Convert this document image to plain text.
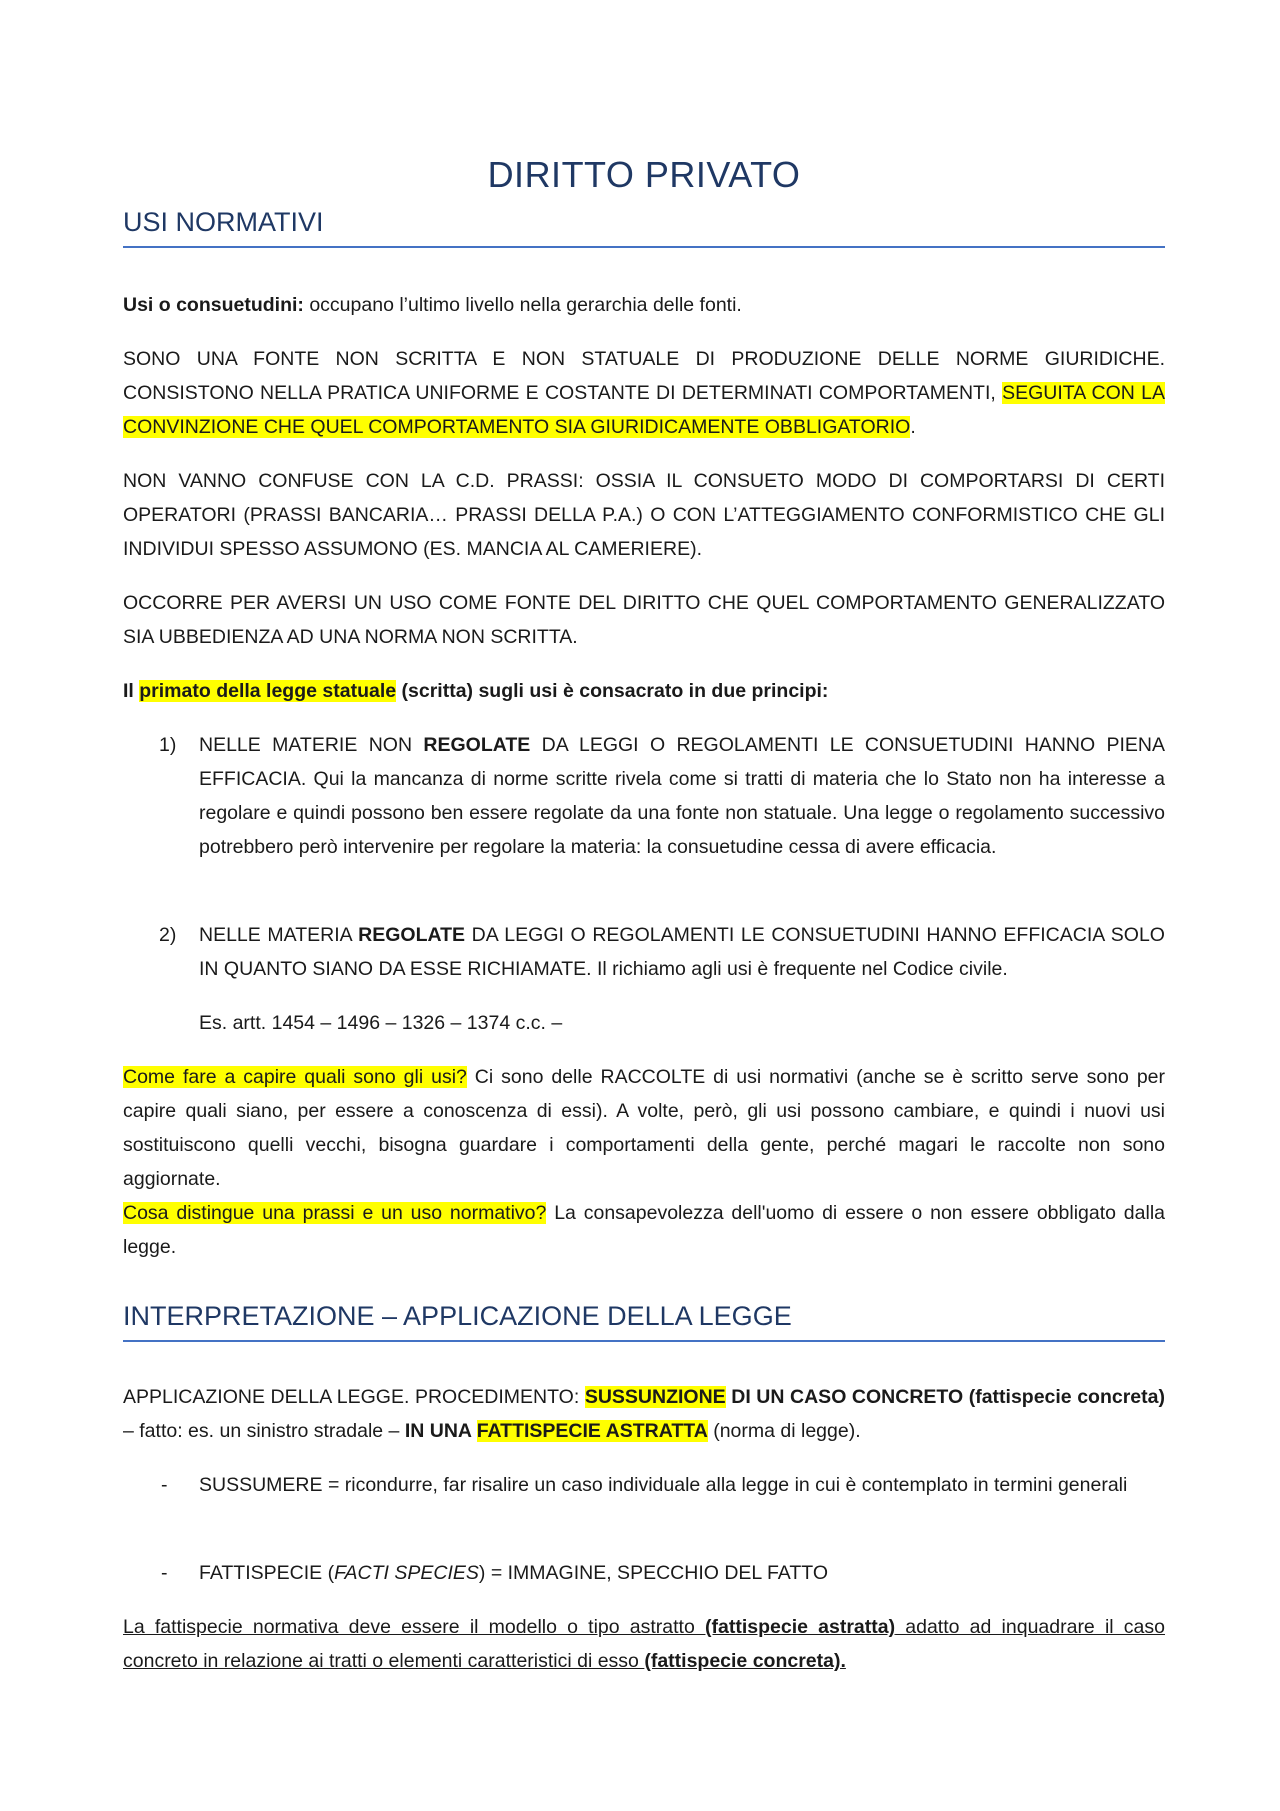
DIRITTO PRIVATO
USI NORMATIVI
Usi o consuetudini: occupano l’ultimo livello nella gerarchia delle fonti.
SONO UNA FONTE NON SCRITTA E NON STATUALE DI PRODUZIONE DELLE NORME GIURIDICHE. CONSISTONO NELLA PRATICA UNIFORME E COSTANTE DI DETERMINATI COMPORTAMENTI, SEGUITA CON LA CONVINZIONE CHE QUEL COMPORTAMENTO SIA GIURIDICAMENTE OBBLIGATORIO.
NON VANNO CONFUSE CON LA C.D. PRASSI: OSSIA IL CONSUETO MODO DI COMPORTARSI DI CERTI OPERATORI (PRASSI BANCARIA… PRASSI DELLA P.A.) O CON L’ATTEGGIAMENTO CONFORMISTICO CHE GLI INDIVIDUI SPESSO ASSUMONO (ES. MANCIA AL CAMERIERE).
OCCORRE PER AVERSI UN USO COME FONTE DEL DIRITTO CHE QUEL COMPORTAMENTO GENERALIZZATO SIA UBBEDIENZA AD UNA NORMA NON SCRITTA.
Il primato della legge statuale (scritta) sugli usi è consacrato in due principi:
1) NELLE MATERIE NON REGOLATE DA LEGGI O REGOLAMENTI LE CONSUETUDINI HANNO PIENA EFFICACIA. Qui la mancanza di norme scritte rivela come si tratti di materia che lo Stato non ha interesse a regolare e quindi possono ben essere regolate da una fonte non statuale. Una legge o regolamento successivo potrebbero però intervenire per regolare la materia: la consuetudine cessa di avere efficacia.
2) NELLE MATERIA REGOLATE DA LEGGI O REGOLAMENTI LE CONSUETUDINI HANNO EFFICACIA SOLO IN QUANTO SIANO DA ESSE RICHIAMATE. Il richiamo agli usi è frequente nel Codice civile.
Es. artt. 1454 – 1496 – 1326 – 1374 c.c. –
Come fare a capire quali sono gli usi? Ci sono delle RACCOLTE di usi normativi (anche se è scritto serve sono per capire quali siano, per essere a conoscenza di essi). A volte, però, gli usi possono cambiare, e quindi i nuovi usi sostituiscono quelli vecchi, bisogna guardare i comportamenti della gente, perché magari le raccolte non sono aggiornate.
Cosa distingue una prassi e un uso normativo? La consapevolezza dell'uomo di essere o non essere obbligato dalla legge.
INTERPRETAZIONE – APPLICAZIONE DELLA LEGGE
APPLICAZIONE DELLA LEGGE. PROCEDIMENTO: SUSSUNZIONE DI UN CASO CONCRETO (fattispecie concreta) – fatto: es. un sinistro stradale – IN UNA FATTISPECIE ASTRATTA (norma di legge).
- SUSSUMERE = ricondurre, far risalire un caso individuale alla legge in cui è contemplato in termini generali
- FATTISPECIE (FACTI SPECIES) = IMMAGINE, SPECCHIO DEL FATTO
La fattispecie normativa deve essere il modello o tipo astratto (fattispecie astratta) adatto ad inquadrare il caso concreto in relazione ai tratti o elementi caratteristici di esso (fattispecie concreta).
